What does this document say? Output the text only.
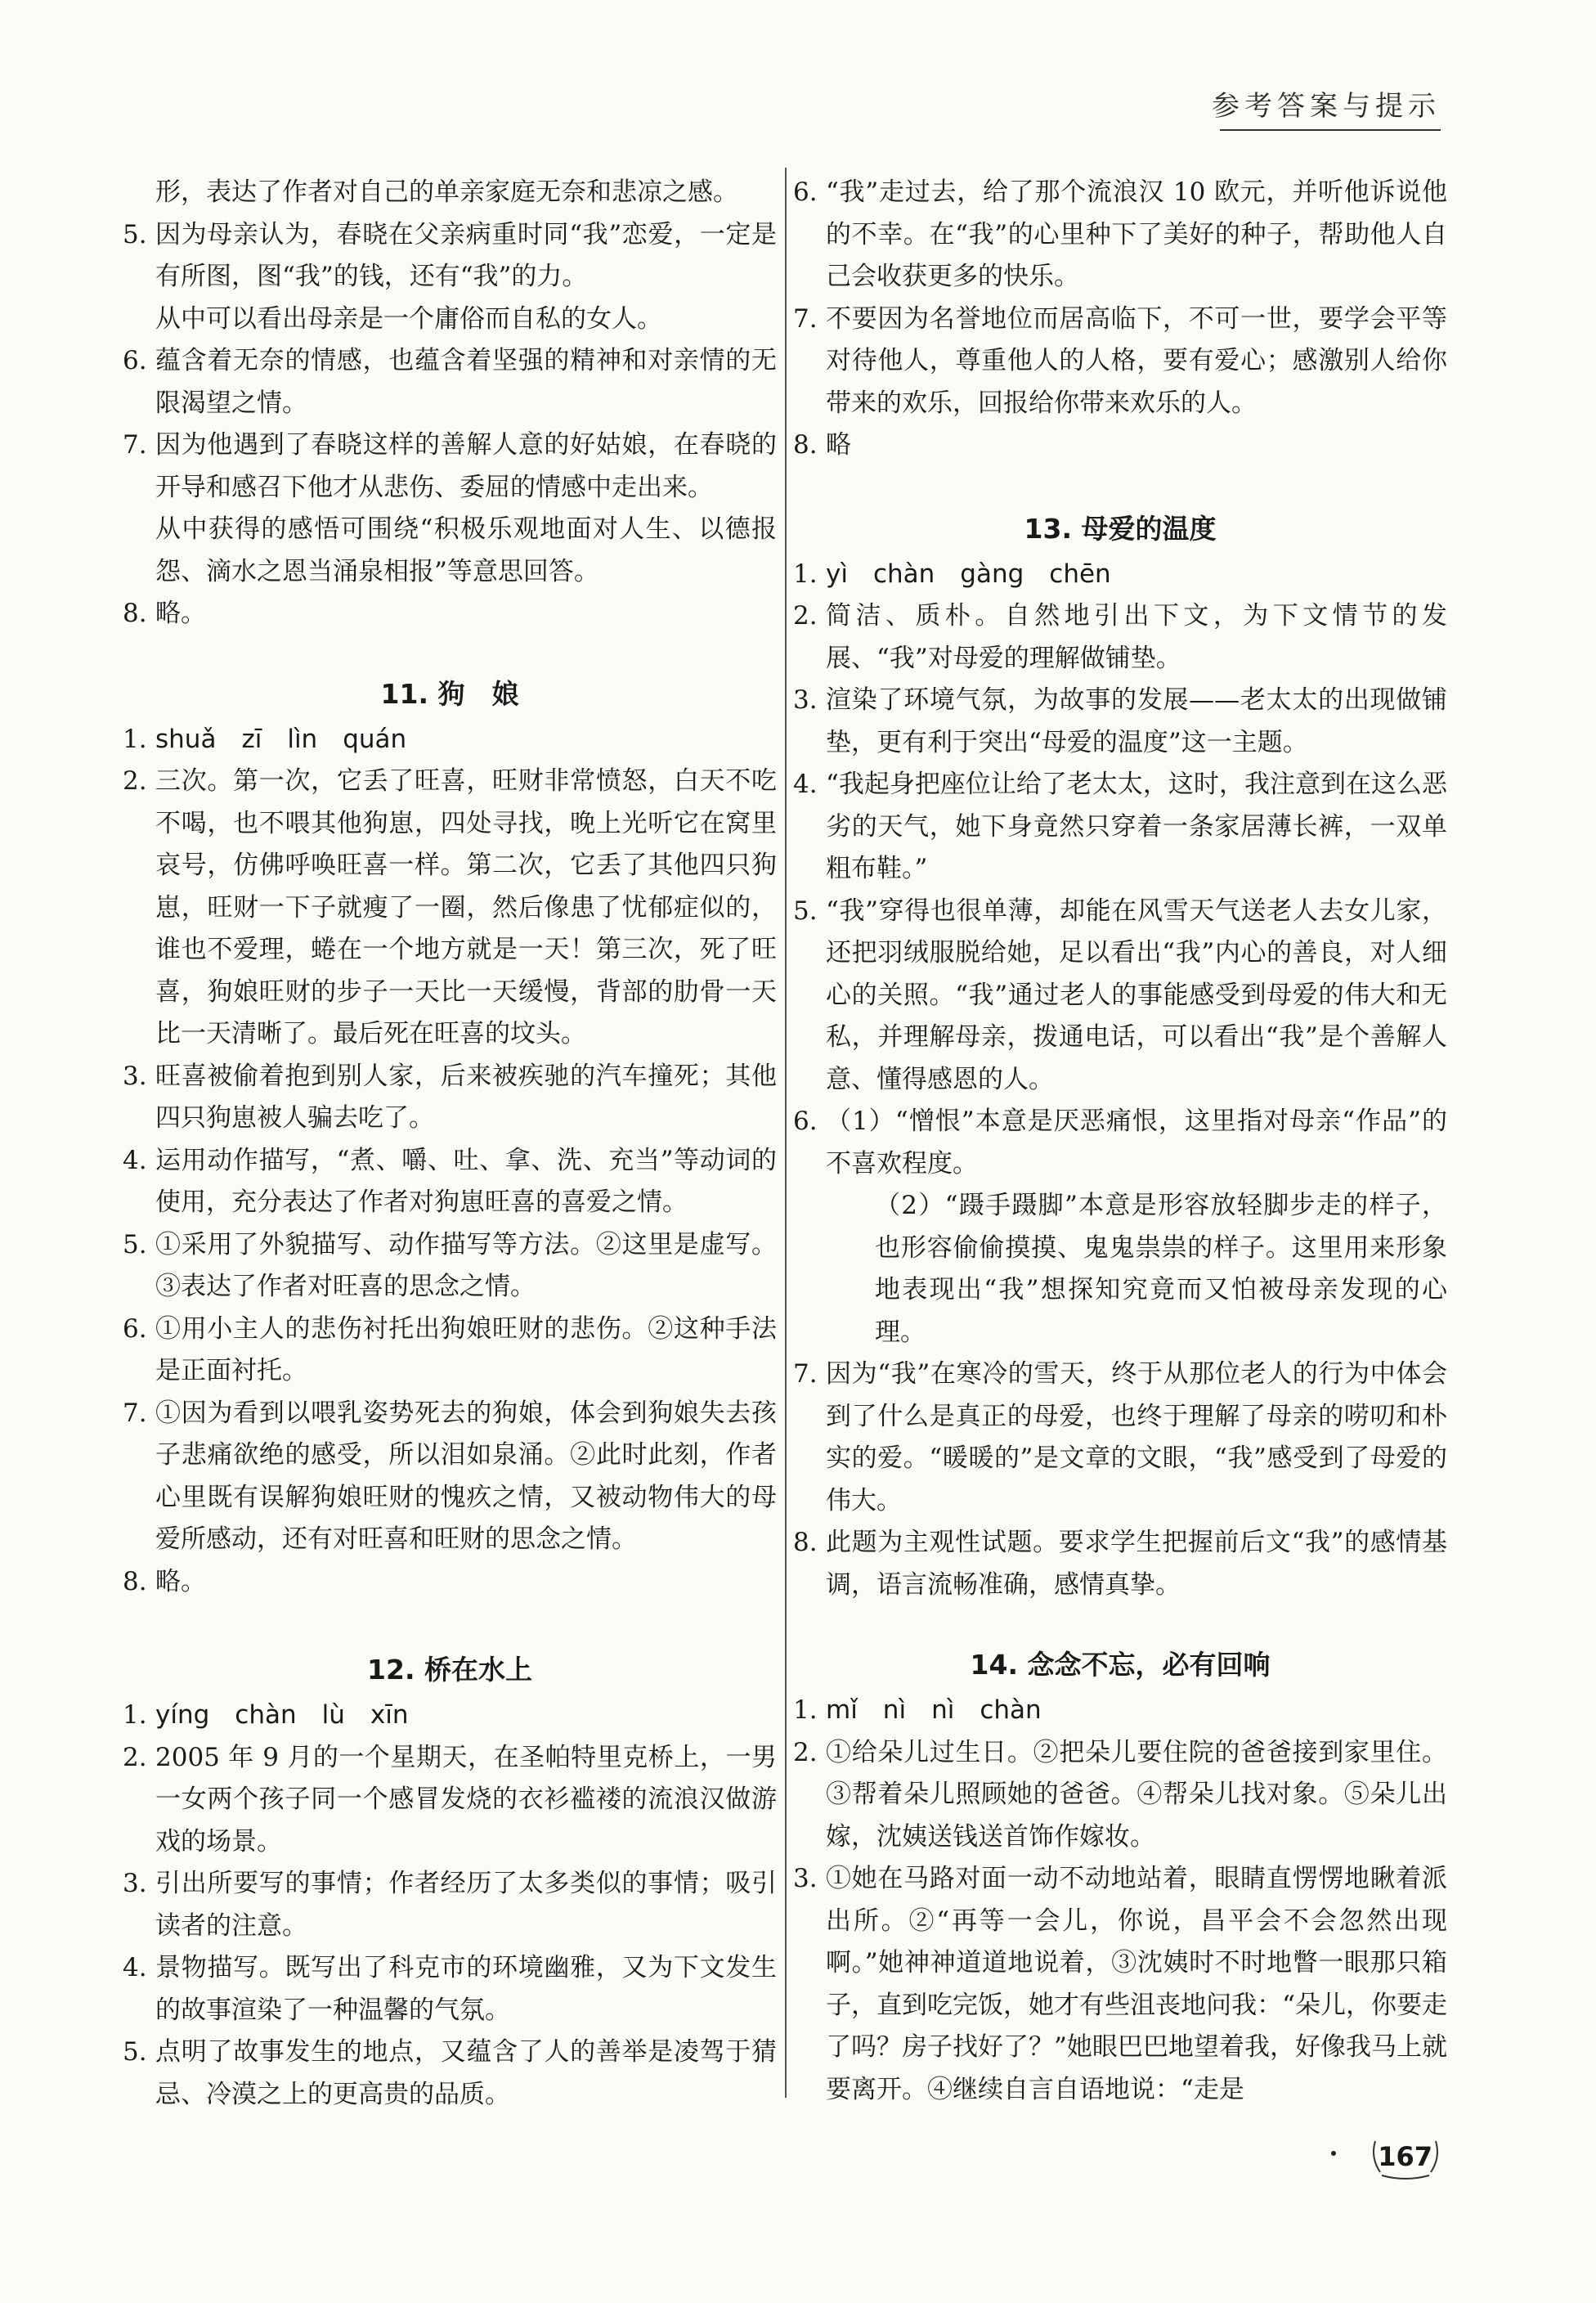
参考答案与提示
形，表达了作者对自己的单亲家庭无奈和悲凉之感。
5. 因为母亲认为，春晓在父亲病重时同“我”恋爱，一定是有所图，图“我”的钱，还有“我”的力。
从中可以看出母亲是一个庸俗而自私的女人。
6. 蕴含着无奈的情感，也蕴含着坚强的精神和对亲情的无限渴望之情。
7. 因为他遇到了春晓这样的善解人意的好姑娘，在春晓的开导和感召下他才从悲伤、委屈的情感中走出来。
从中获得的感悟可围绕“积极乐观地面对人生、以德报怨、滴水之恩当涌泉相报”等意思回答。
8. 略。
11. 狗　娘
1. shuǎ　zī　lìn　quán
2. 三次。第一次，它丢了旺喜，旺财非常愤怒，白天不吃不喝，也不喂其他狗崽，四处寻找，晚上光听它在窝里哀号，仿佛呼唤旺喜一样。第二次，它丢了其他四只狗崽，旺财一下子就瘦了一圈，然后像患了忧郁症似的，谁也不爱理，蜷在一个地方就是一天！第三次，死了旺喜，狗娘旺财的步子一天比一天缓慢，背部的肋骨一天比一天清晰了。最后死在旺喜的坟头。
3. 旺喜被偷着抱到别人家，后来被疾驰的汽车撞死；其他四只狗崽被人骗去吃了。
4. 运用动作描写，“煮、嚼、吐、拿、洗、充当”等动词的使用，充分表达了作者对狗崽旺喜的喜爱之情。
5. ①采用了外貌描写、动作描写等方法。②这里是虚写。③表达了作者对旺喜的思念之情。
6. ①用小主人的悲伤衬托出狗娘旺财的悲伤。②这种手法是正面衬托。
7. ①因为看到以喂乳姿势死去的狗娘，体会到狗娘失去孩子悲痛欲绝的感受，所以泪如泉涌。②此时此刻，作者心里既有误解狗娘旺财的愧疚之情，又被动物伟大的母爱所感动，还有对旺喜和旺财的思念之情。
8. 略。
12. 桥在水上
1. yíng　chàn　lù　xīn
2. 2005 年 9 月的一个星期天，在圣帕特里克桥上，一男一女两个孩子同一个感冒发烧的衣衫褴褛的流浪汉做游戏的场景。
3. 引出所要写的事情；作者经历了太多类似的事情；吸引读者的注意。
4. 景物描写。既写出了科克市的环境幽雅，又为下文发生的故事渲染了一种温馨的气氛。
5. 点明了故事发生的地点，又蕴含了人的善举是凌驾于猜忌、冷漠之上的更高贵的品质。
6. “我”走过去，给了那个流浪汉 10 欧元，并听他诉说他的不幸。在“我”的心里种下了美好的种子，帮助他人自己会收获更多的快乐。
7. 不要因为名誉地位而居高临下，不可一世，要学会平等对待他人，尊重他人的人格，要有爱心；感激别人给你带来的欢乐，回报给你带来欢乐的人。
8. 略
13. 母爱的温度
1. yì　chàn　gàng　chēn
2. 简洁、质朴。自然地引出下文，为下文情节的发展、“我”对母爱的理解做铺垫。
3. 渲染了环境气氛，为故事的发展——老太太的出现做铺垫，更有利于突出“母爱的温度”这一主题。
4. “我起身把座位让给了老太太，这时，我注意到在这么恶劣的天气，她下身竟然只穿着一条家居薄长裤，一双单粗布鞋。”
5. “我”穿得也很单薄，却能在风雪天气送老人去女儿家，还把羽绒服脱给她，足以看出“我”内心的善良，对人细心的关照。“我”通过老人的事能感受到母爱的伟大和无私，并理解母亲，拨通电话，可以看出“我”是个善解人意、懂得感恩的人。
6. （1）“憎恨”本意是厌恶痛恨，这里指对母亲“作品”的不喜欢程度。
（2）“蹑手蹑脚”本意是形容放轻脚步走的样子，也形容偷偷摸摸、鬼鬼祟祟的样子。这里用来形象地表现出“我”想探知究竟而又怕被母亲发现的心理。
7. 因为“我”在寒冷的雪天，终于从那位老人的行为中体会到了什么是真正的母爱，也终于理解了母亲的唠叨和朴实的爱。“暖暖的”是文章的文眼，“我”感受到了母爱的伟大。
8. 此题为主观性试题。要求学生把握前后文“我”的感情基调，语言流畅准确，感情真挚。
14. 念念不忘，必有回响
1. mǐ　nì　nì　chàn
2. ①给朵儿过生日。②把朵儿要住院的爸爸接到家里住。③帮着朵儿照顾她的爸爸。④帮朵儿找对象。⑤朵儿出嫁，沈姨送钱送首饰作嫁妆。
3. ①她在马路对面一动不动地站着，眼睛直愣愣地瞅着派出所。②“再等一会儿，你说，昌平会不会忽然出现啊。”她神神道道地说着，③沈姨时不时地瞥一眼那只箱子，直到吃完饭，她才有些沮丧地问我：“朵儿，你要走了吗？房子找好了？”她眼巴巴地望着我，好像我马上就要离开。④继续自言自语地说：“走是
167
